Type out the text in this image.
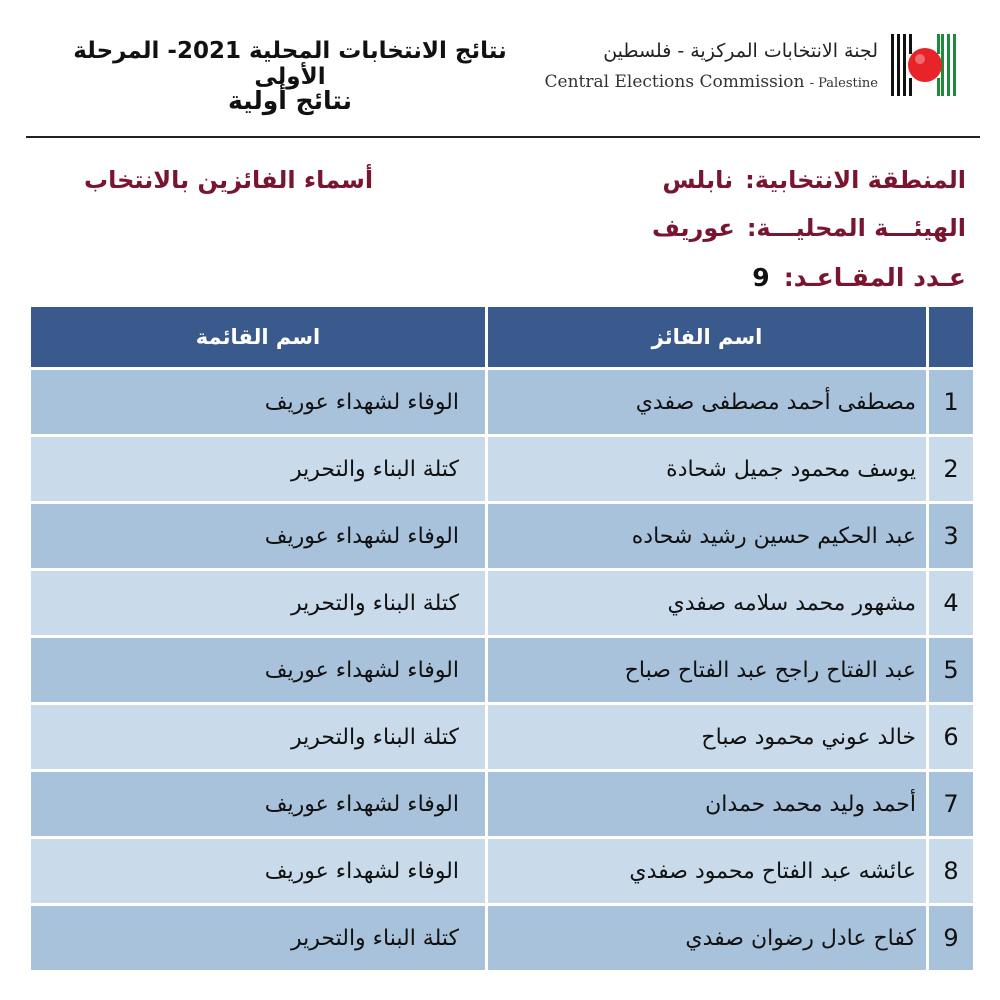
نتائج الانتخابات المحلية 2021- المرحلة الأولى
نتائج أولية
لجنة الانتخابات المركزية - فلسطين
Central Elections Commission - Palestine
المنطقة الانتخابية:نابلس
الهيئـــة المحليـــة:عوريف
عـدد المقـاعـد:9
أسماء الفائزين بالانتخاب
	اسم الفائز	اسم القائمة
1	مصطفى أحمد مصطفى صفدي	الوفاء لشهداء عوريف
2	يوسف محمود جميل شحادة	كتلة البناء والتحرير
3	عبد الحكيم حسين رشيد شحاده	الوفاء لشهداء عوريف
4	مشهور محمد سلامه صفدي	كتلة البناء والتحرير
5	عبد الفتاح راجح عبد الفتاح صباح	الوفاء لشهداء عوريف
6	خالد عوني محمود صباح	كتلة البناء والتحرير
7	أحمد وليد محمد حمدان	الوفاء لشهداء عوريف
8	عائشه عبد الفتاح محمود صفدي	الوفاء لشهداء عوريف
9	كفاح عادل رضوان صفدي	كتلة البناء والتحرير
